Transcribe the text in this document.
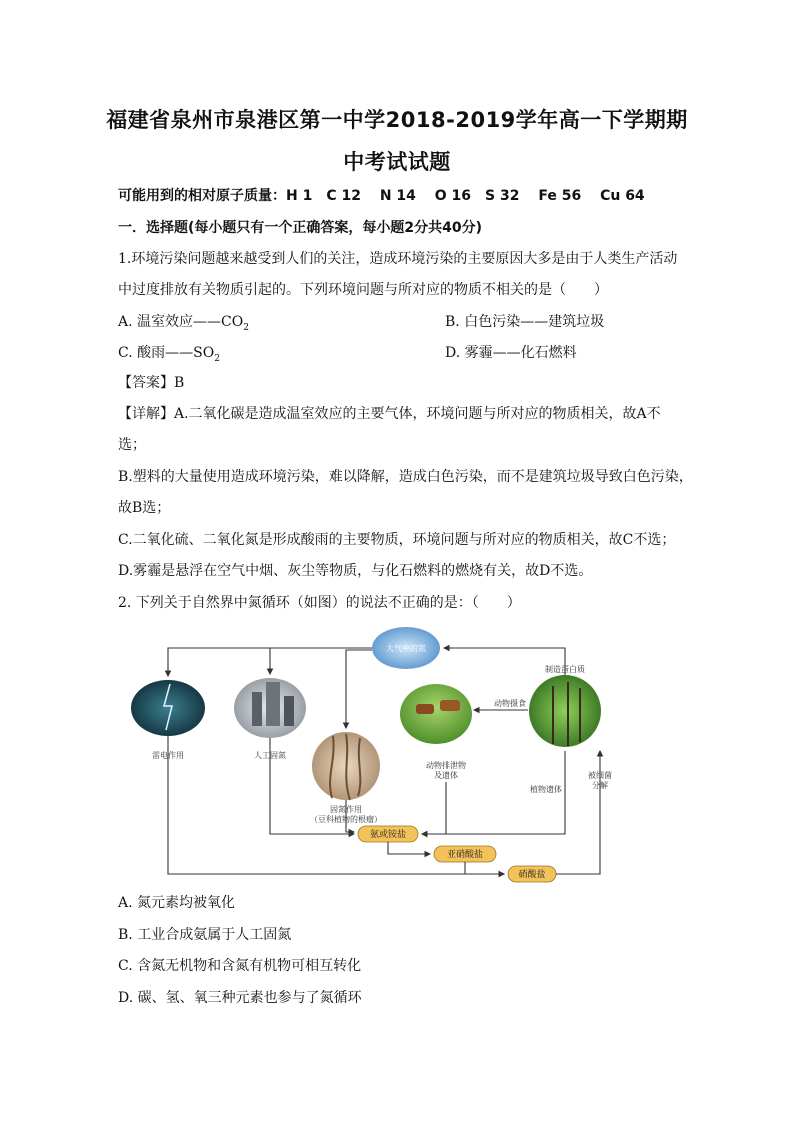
福建省泉州市泉港区第一中学2018-2019学年高一下学期期
中考试试题
可能用到的相对原子质量：H 1　C 12　 N 14　 O 16　S 32　 Fe 56　 Cu 64
一．选择题(每小题只有一个正确答案，每小题2分共40分)
1.环境污染问题越来越受到人们的关注，造成环境污染的主要原因大多是由于人类生产活动
中过度排放有关物质引起的。下列环境问题与所对应的物质不相关的是（　　）
A. 温室效应$——CO_2$	B. 白色污染——建筑垃圾
C. 酸雨$——SO_2$	D. 雾霾——化石燃料
【答案】B
【详解】A.二氧化碳是造成温室效应的主要气体，环境问题与所对应的物质相关，故A不
选；
B.塑料的大量使用造成环境污染，难以降解，造成白色污染，而不是建筑垃圾导致白色污染，
故B选；
C.二氧化硫、二氧化氮是形成酸雨的主要物质，环境问题与所对应的物质相关，故C不选；
D.雾霾是悬浮在空气中烟、灰尘等物质，与化石燃料的燃烧有关，故D不选。
2. 下列关于自然界中氮循环（如图）的说法不正确的是：（　　）
大气中的氮
雷电作用	人工固氮
固氮作用
（豆科植物的根瘤）
动物排泄物
及遗体
动物摄食
制造蛋白质
植物遗体
被细菌
分解
氨或铵盐
亚硝酸盐
硝酸盐
A. 氮元素均被氧化
B. 工业合成氨属于人工固氮
C. 含氮无机物和含氮有机物可相互转化
D. 碳、氢、氧三种元素也参与了氮循环
